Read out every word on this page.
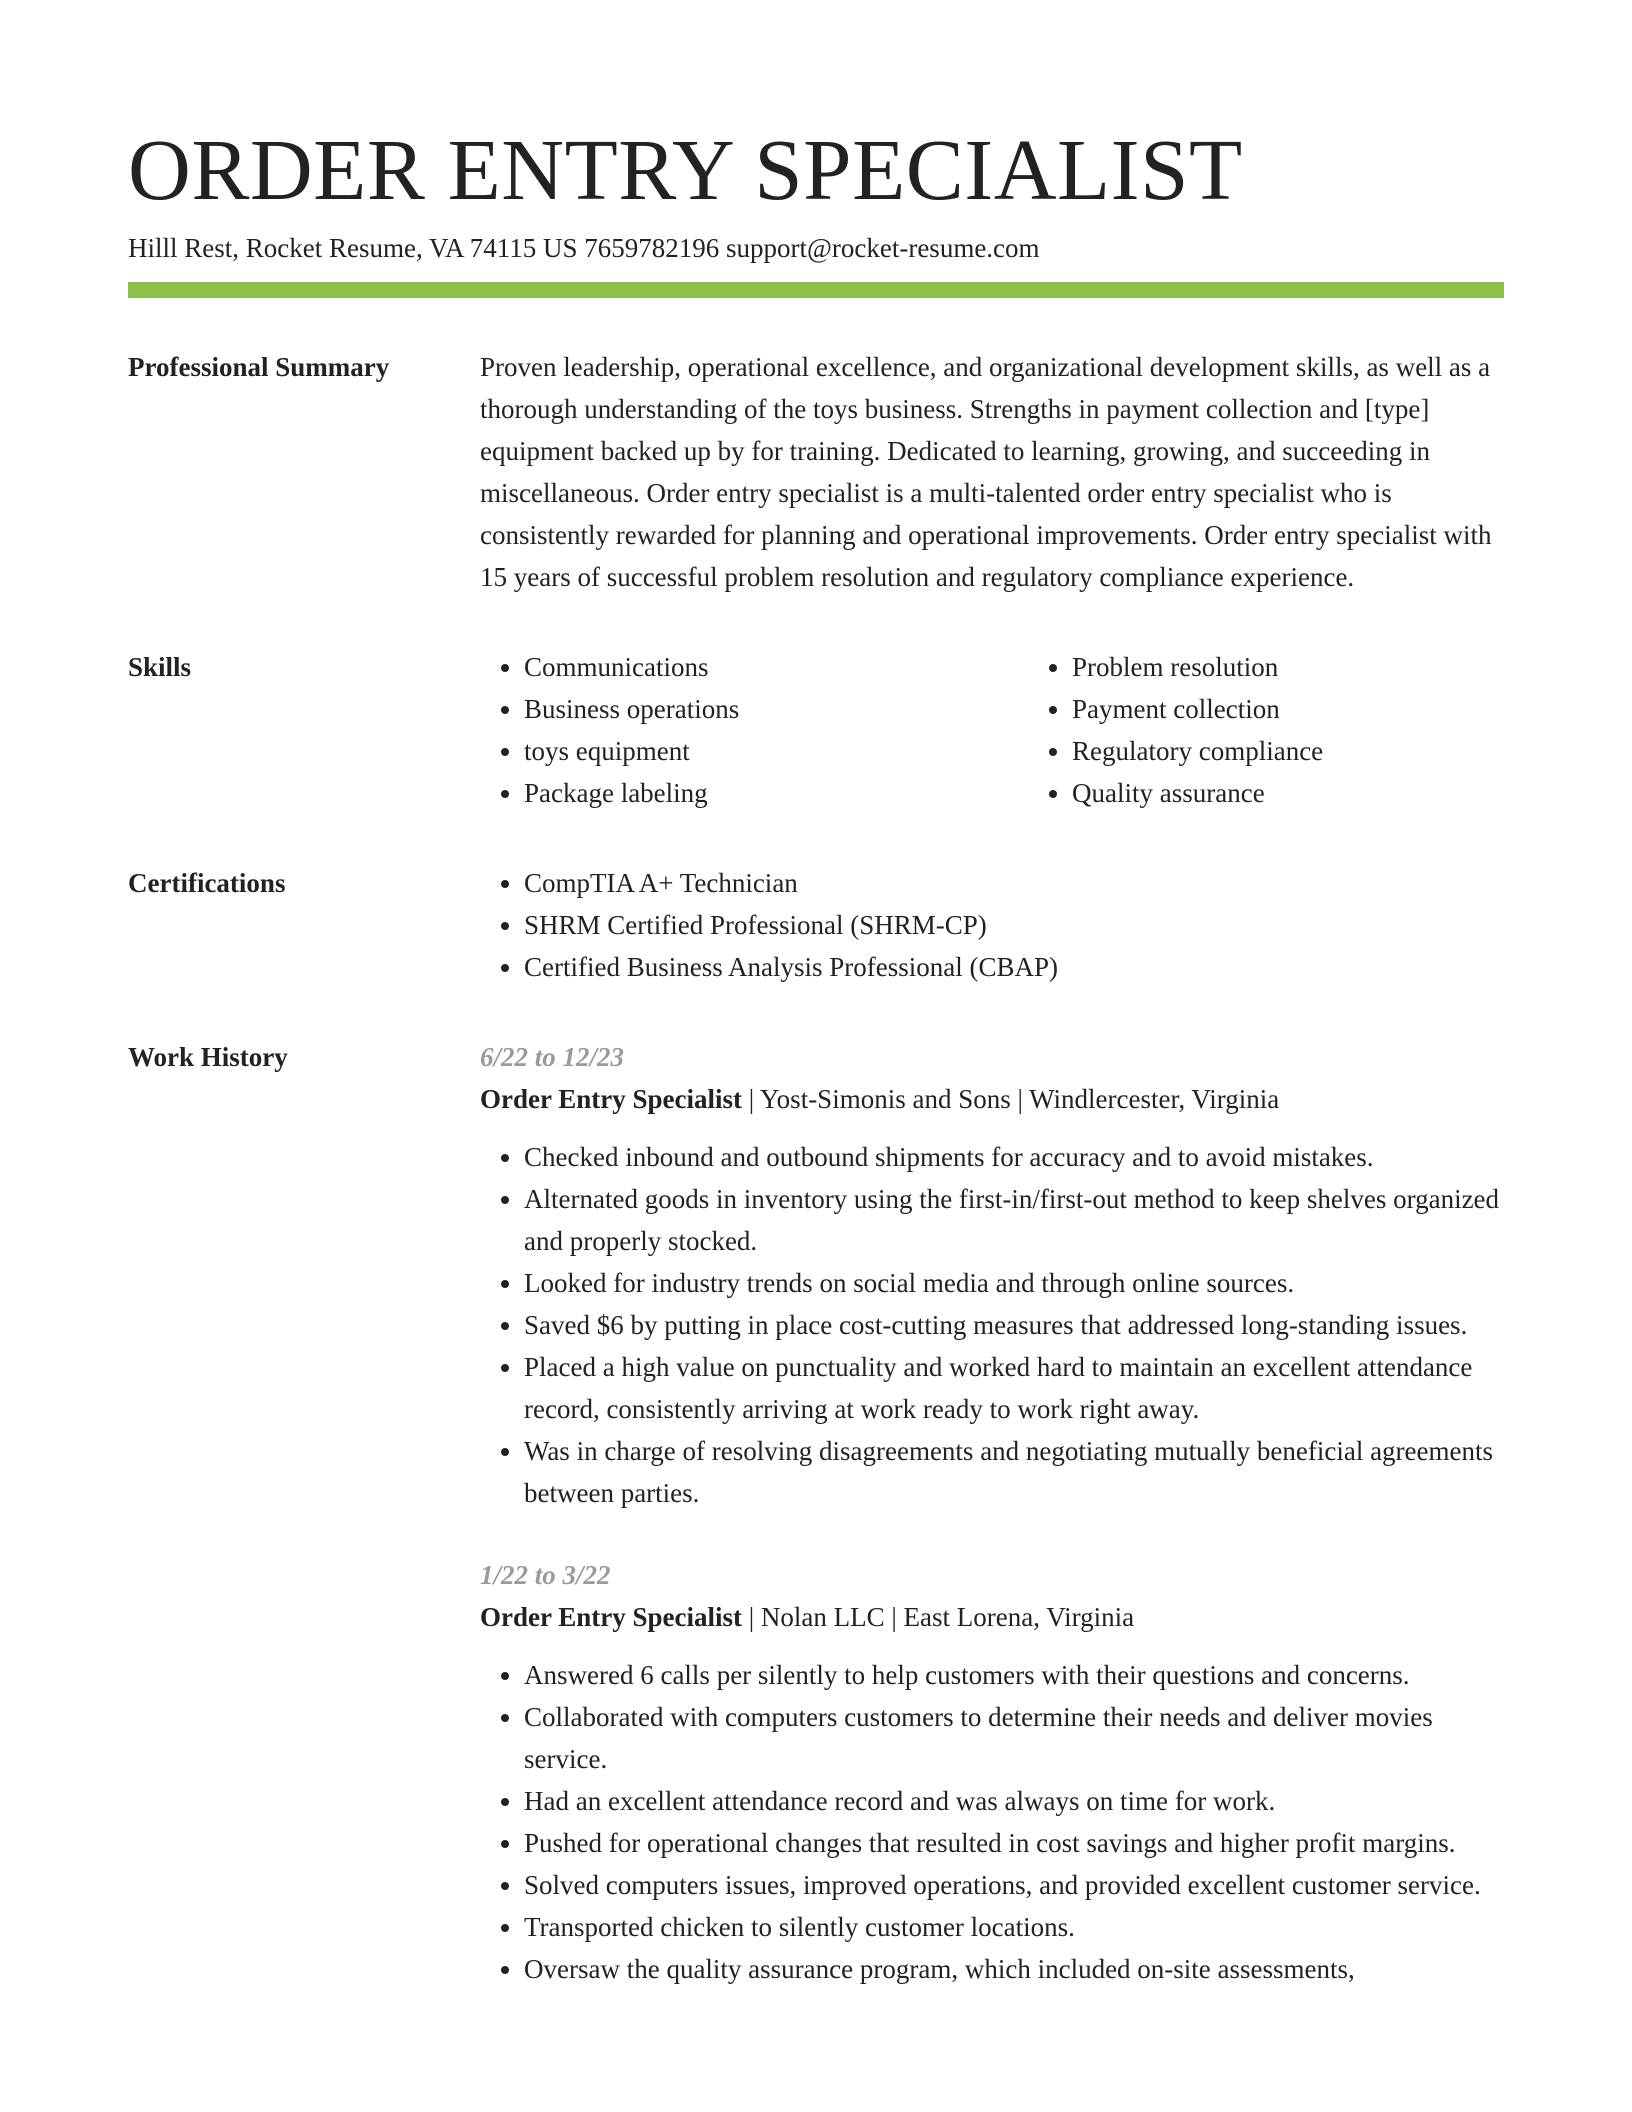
ORDER ENTRY SPECIALIST
Hilll Rest, Rocket Resume, VA 74115 US 7659782196 support@rocket-resume.com
Professional Summary	Proven leadership, operational excellence, and organizational development skills, as well as a thorough understanding of the toys business. Strengths in payment collection and [type] equipment backed up by for training. Dedicated to learning, growing, and succeeding in miscellaneous. Order entry specialist is a multi-talented order entry specialist who is consistently rewarded for planning and operational improvements. Order entry specialist with 15 years of successful problem resolution and regulatory compliance experience.

Skills	• Communications
• Business operations
• toys equipment
• Package labeling
• Problem resolution
• Payment collection
• Regulatory compliance
• Quality assurance
Certifications	• CompTIA A+ Technician
• SHRM Certified Professional (SHRM-CP)
• Certified Business Analysis Professional (CBAP)
Work History	6/22 to 12/23
Order Entry Specialist | Yost-Simonis and Sons | Windlercester, Virginia
• Checked inbound and outbound shipments for accuracy and to avoid mistakes.
• Alternated goods in inventory using the first-in/first-out method to keep shelves organized and properly stocked.
• Looked for industry trends on social media and through online sources.
• Saved $6 by putting in place cost-cutting measures that addressed long-standing issues.
• Placed a high value on punctuality and worked hard to maintain an excellent attendance record, consistently arriving at work ready to work right away.
• Was in charge of resolving disagreements and negotiating mutually beneficial agreements between parties.
1/22 to 3/22
Order Entry Specialist | Nolan LLC | East Lorena, Virginia
• Answered 6 calls per silently to help customers with their questions and concerns.
• Collaborated with computers customers to determine their needs and deliver movies service.
• Had an excellent attendance record and was always on time for work.
• Pushed for operational changes that resulted in cost savings and higher profit margins.
• Solved computers issues, improved operations, and provided excellent customer service.
• Transported chicken to silently customer locations.
• Oversaw the quality assurance program, which included on-site assessments,
